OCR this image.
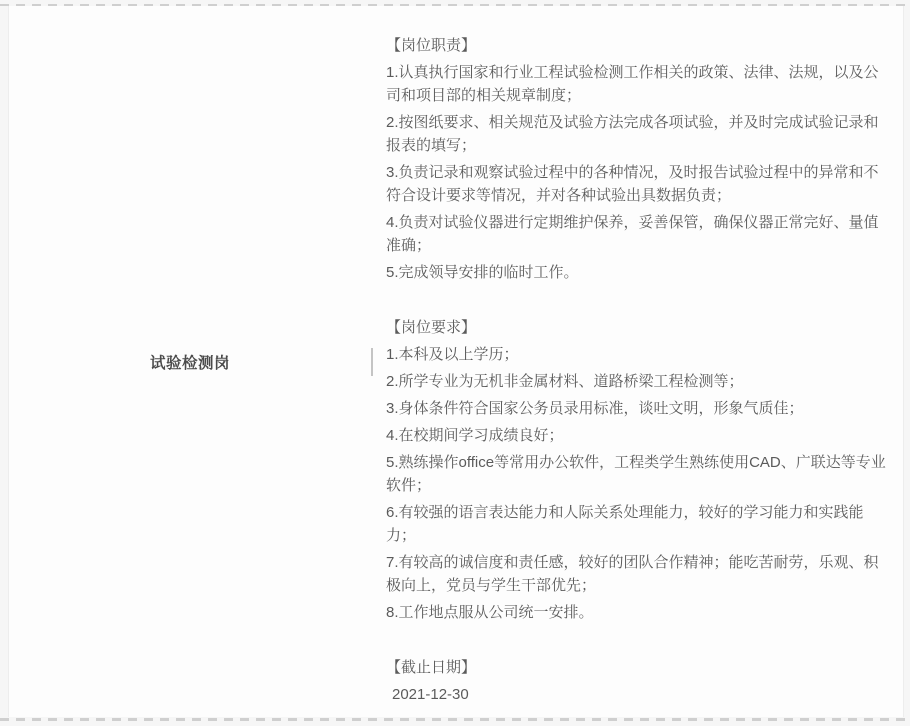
试验检测岗

【岗位职责】

1.认真执行国家和行业工程试验检测工作相关的政策、法律、法规，以及公司和项目部的相关规章制度；

2.按图纸要求、相关规范及试验方法完成各项试验，并及时完成试验记录和报表的填写；

3.负责记录和观察试验过程中的各种情况，及时报告试验过程中的异常和不符合设计要求等情况，并对各种试验出具数据负责；

4.负责对试验仪器进行定期维护保养，妥善保管，确保仪器正常完好、量值准确；

5.完成领导安排的临时工作。

【岗位要求】

1.本科及以上学历；

2.所学专业为无机非金属材料、道路桥梁工程检测等；

3.身体条件符合国家公务员录用标准，谈吐文明，形象气质佳；

4.在校期间学习成绩良好；

5.熟练操作office等常用办公软件，工程类学生熟练使用CAD、广联达等专业软件；

6.有较强的语言表达能力和人际关系处理能力，较好的学习能力和实践能力；

7.有较高的诚信度和责任感，较好的团队合作精神；能吃苦耐劳，乐观、积极向上，党员与学生干部优先；

8.工作地点服从公司统一安排。

【截止日期】

2021-12-30
